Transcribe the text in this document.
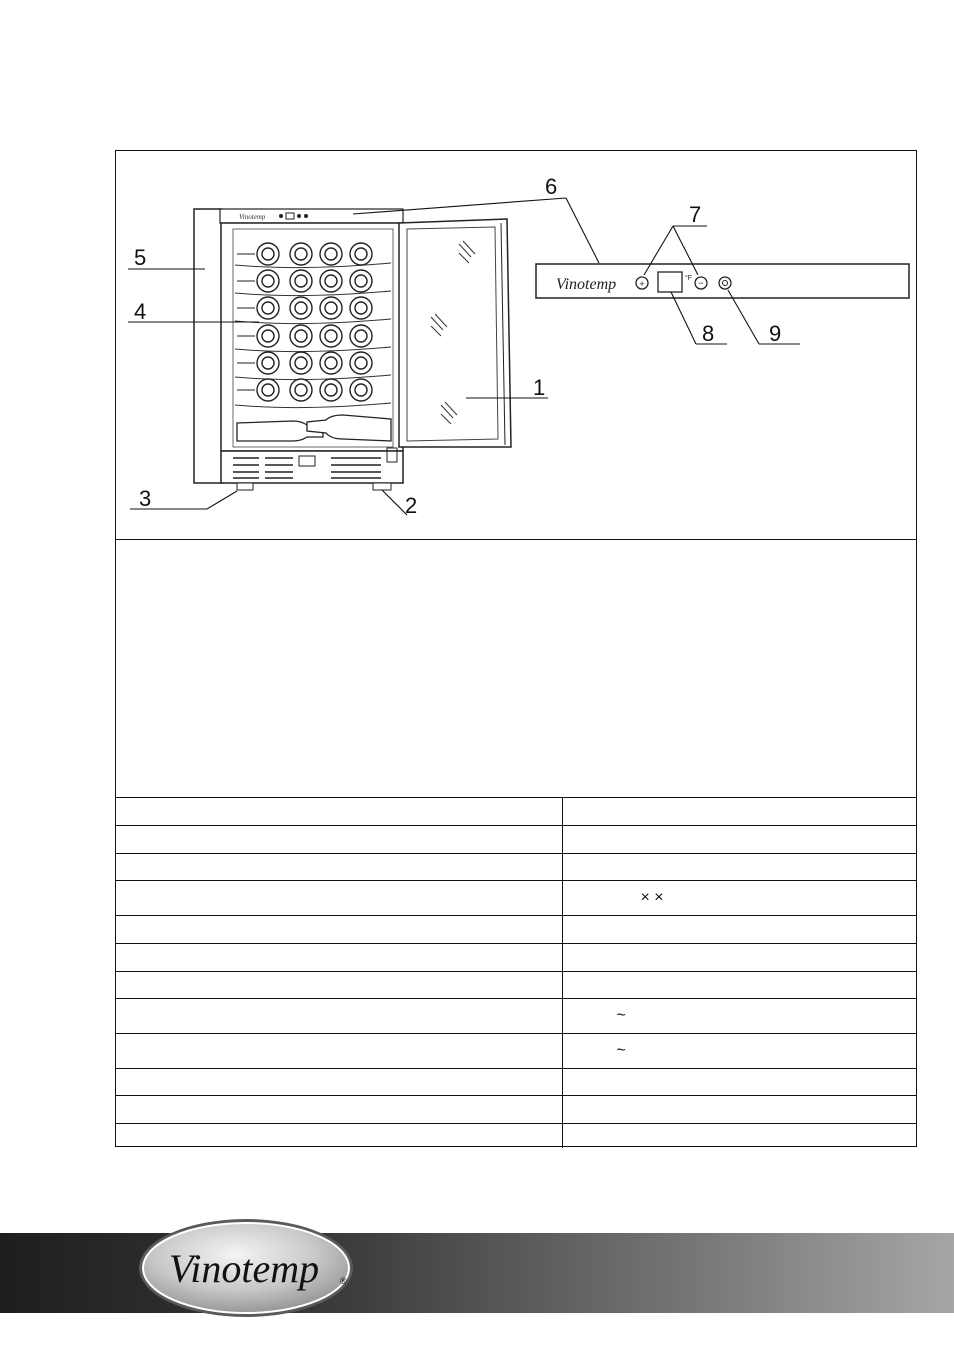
Vinotemp
Vinotemp	+
°F −
1
2
3
4
5
6
7
8 9

	× ×

	~
	~

Vinotemp ®
